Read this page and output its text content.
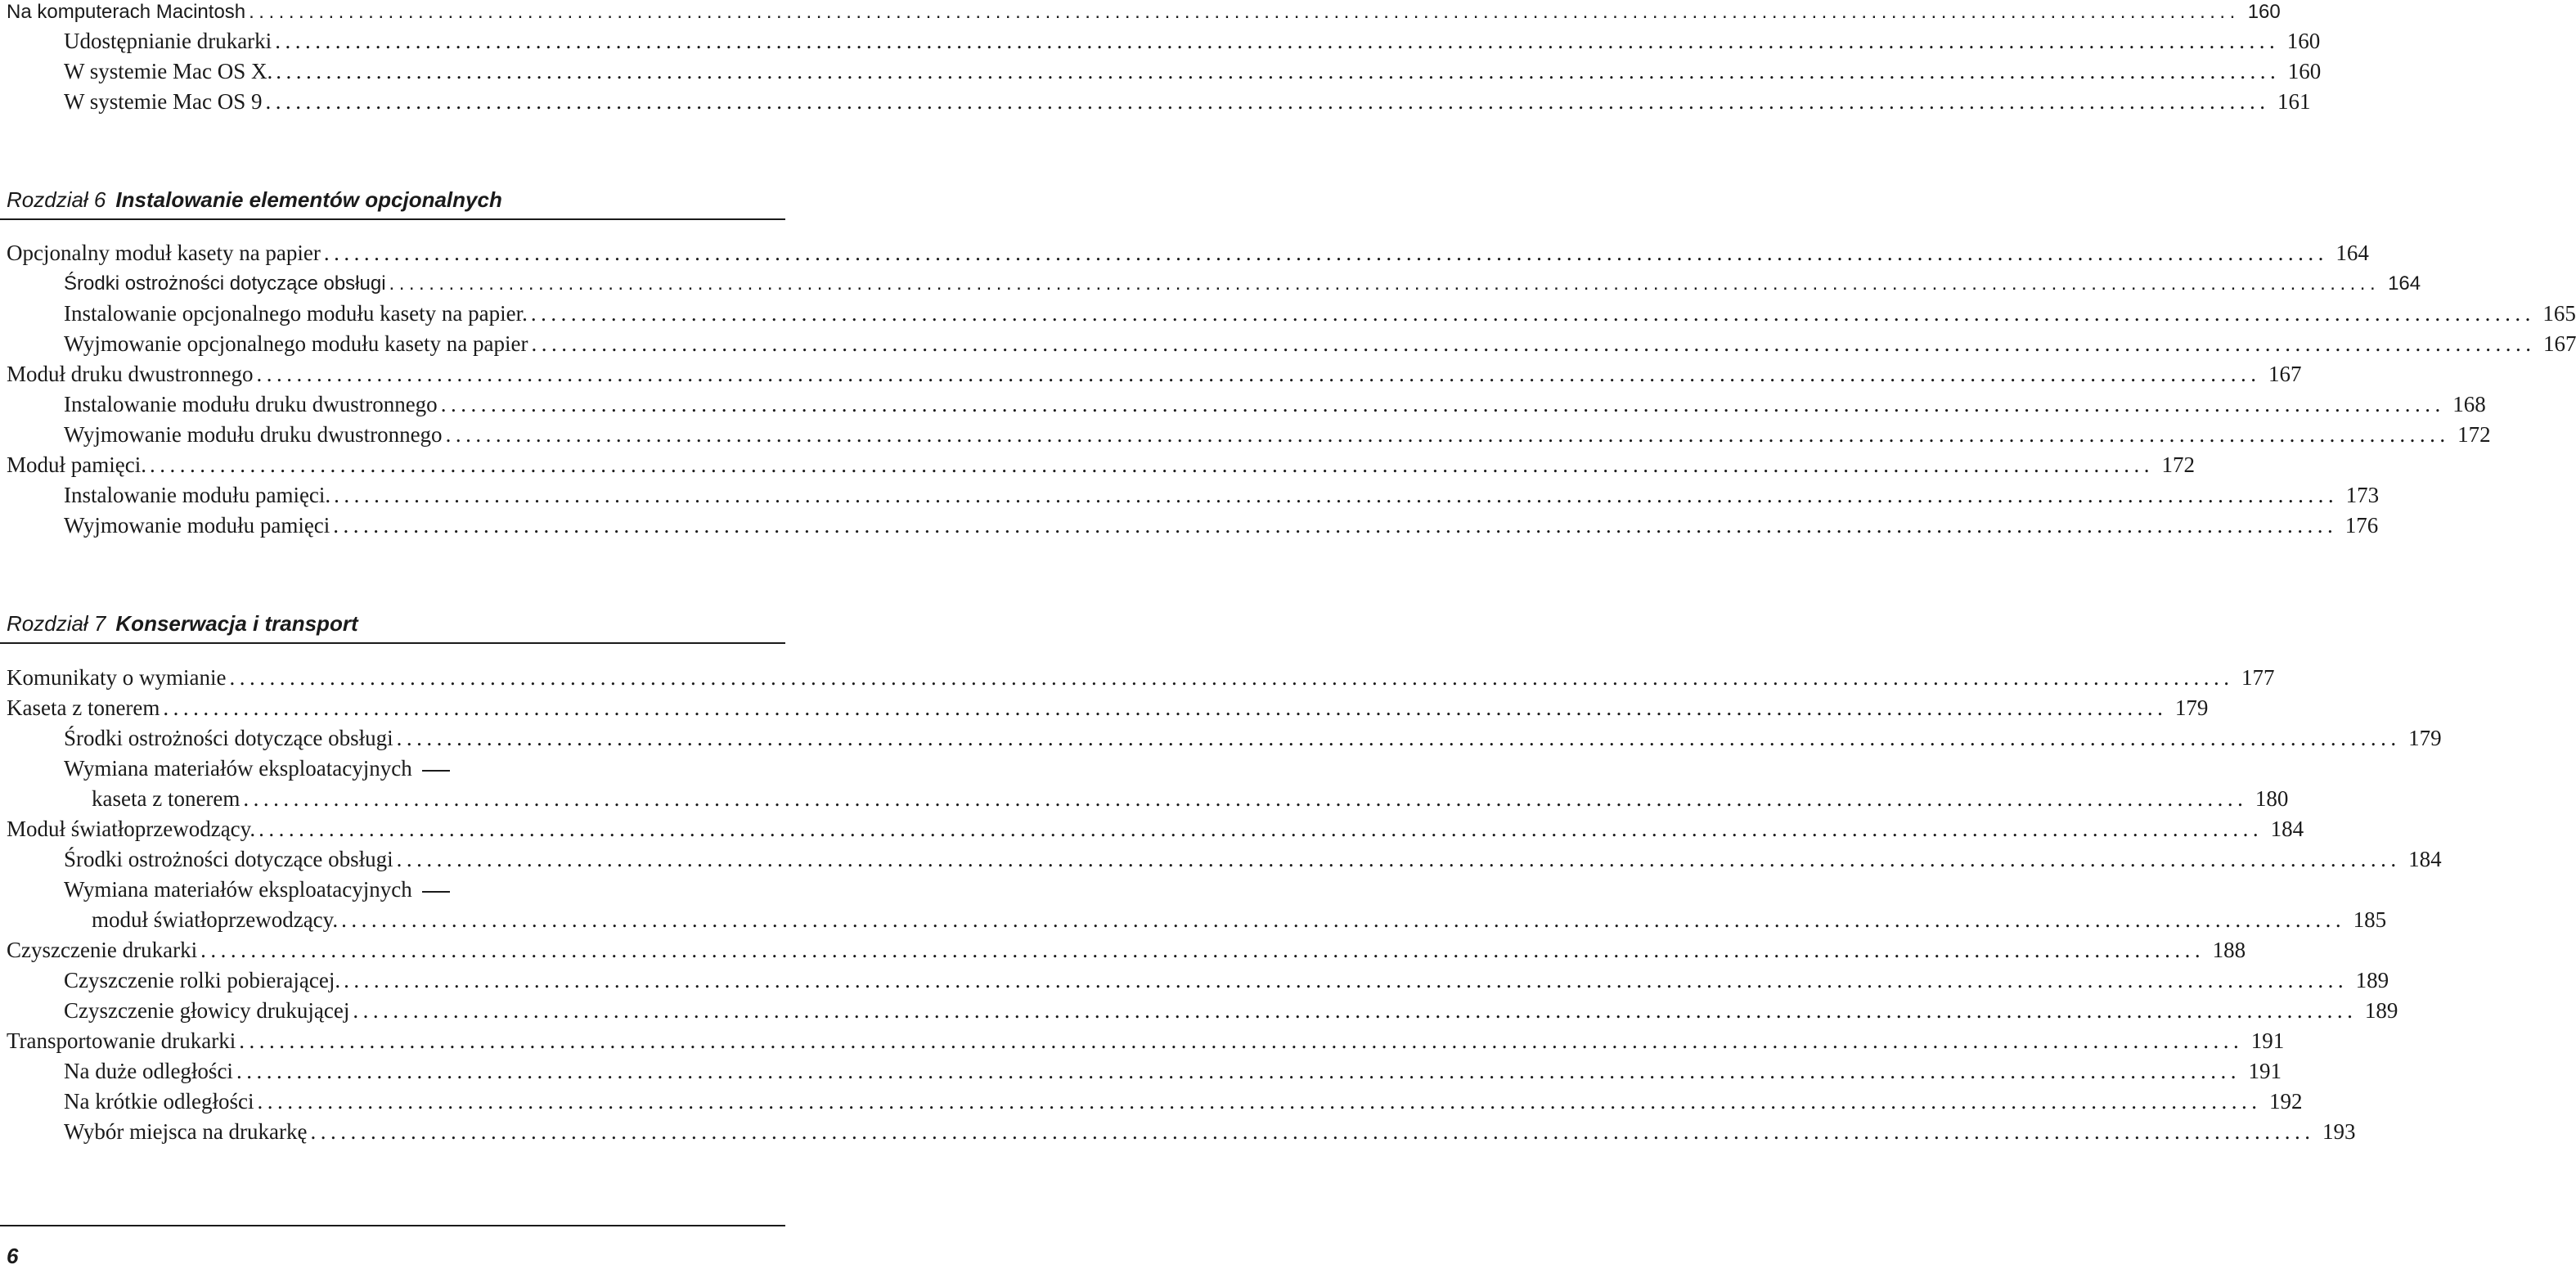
Na komputerach Macintosh ........................................................................................................................................................................................................ 160
Udostępnianie drukarki ........................................................................................................................................................................................................ 160
W systemie Mac OS X. ........................................................................................................................................................................................................ 160
W systemie Mac OS 9 ........................................................................................................................................................................................................ 161
Rozdział 6 Instalowanie elementów opcjonalnych
Opcjonalny moduł kasety na papier ........................................................................................................................................................................................................ 164
Środki ostrożności dotyczące obsługi ........................................................................................................................................................................................................ 164
Instalowanie opcjonalnego modułu kasety na papier. ........................................................................................................................................................................................................ 165
Wyjmowanie opcjonalnego modułu kasety na papier ........................................................................................................................................................................................................ 167
Moduł druku dwustronnego ........................................................................................................................................................................................................ 167
Instalowanie modułu druku dwustronnego ........................................................................................................................................................................................................ 168
Wyjmowanie modułu druku dwustronnego ........................................................................................................................................................................................................ 172
Moduł pamięci. ........................................................................................................................................................................................................ 172
Instalowanie modułu pamięci. ........................................................................................................................................................................................................ 173
Wyjmowanie modułu pamięci ........................................................................................................................................................................................................ 176
Rozdział 7 Konserwacja i transport
Komunikaty o wymianie ........................................................................................................................................................................................................ 177
Kaseta z tonerem ........................................................................................................................................................................................................ 179
Środki ostrożności dotyczące obsługi ........................................................................................................................................................................................................ 179
Wymiana materiałów eksploatacyjnych
kaseta z tonerem ........................................................................................................................................................................................................ 180
Moduł światłoprzewodzący. ........................................................................................................................................................................................................ 184
Środki ostrożności dotyczące obsługi ........................................................................................................................................................................................................ 184
Wymiana materiałów eksploatacyjnych
moduł światłoprzewodzący. ........................................................................................................................................................................................................ 185
Czyszczenie drukarki ........................................................................................................................................................................................................ 188
Czyszczenie rolki pobierającej. ........................................................................................................................................................................................................ 189
Czyszczenie głowicy drukującej ........................................................................................................................................................................................................ 189
Transportowanie drukarki ........................................................................................................................................................................................................ 191
Na duże odległości ........................................................................................................................................................................................................ 191
Na krótkie odległości ........................................................................................................................................................................................................ 192
Wybór miejsca na drukarkę ........................................................................................................................................................................................................ 193
6
